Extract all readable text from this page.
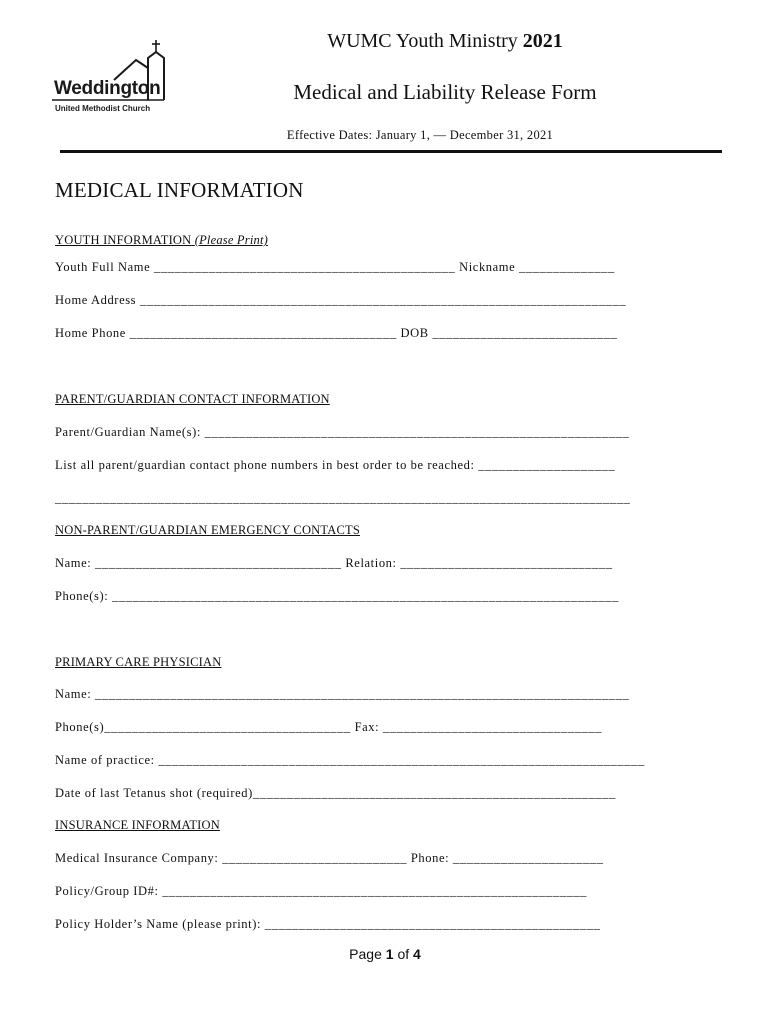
Weddington
United Methodist Church
WUMC Youth Ministry 2021
Medical and Liability Release Form
Effective Dates: January 1, — December 31, 2021
MEDICAL INFORMATION
YOUTH INFORMATION (Please Print)
Youth Full Name ____________________________________________ Nickname ______________
Home Address _______________________________________________________________________
Home Phone _______________________________________ DOB ___________________________
PARENT/GUARDIAN CONTACT INFORMATION
Parent/Guardian Name(s): ______________________________________________________________
List all parent/guardian contact phone numbers in best order to be reached: ____________________
____________________________________________________________________________________
NON-PARENT/GUARDIAN EMERGENCY CONTACTS
Name: ____________________________________ Relation: _______________________________
Phone(s): __________________________________________________________________________
PRIMARY CARE PHYSICIAN
Name: ______________________________________________________________________________
Phone(s)____________________________________ Fax: ________________________________
Name of practice: _______________________________________________________________________
Date of last Tetanus shot (required)_____________________________________________________
INSURANCE INFORMATION
Medical Insurance Company: ___________________________ Phone: ______________________
Policy/Group ID#: ______________________________________________________________
Policy Holder’s Name (please print): _________________________________________________
Page 1 of 4
